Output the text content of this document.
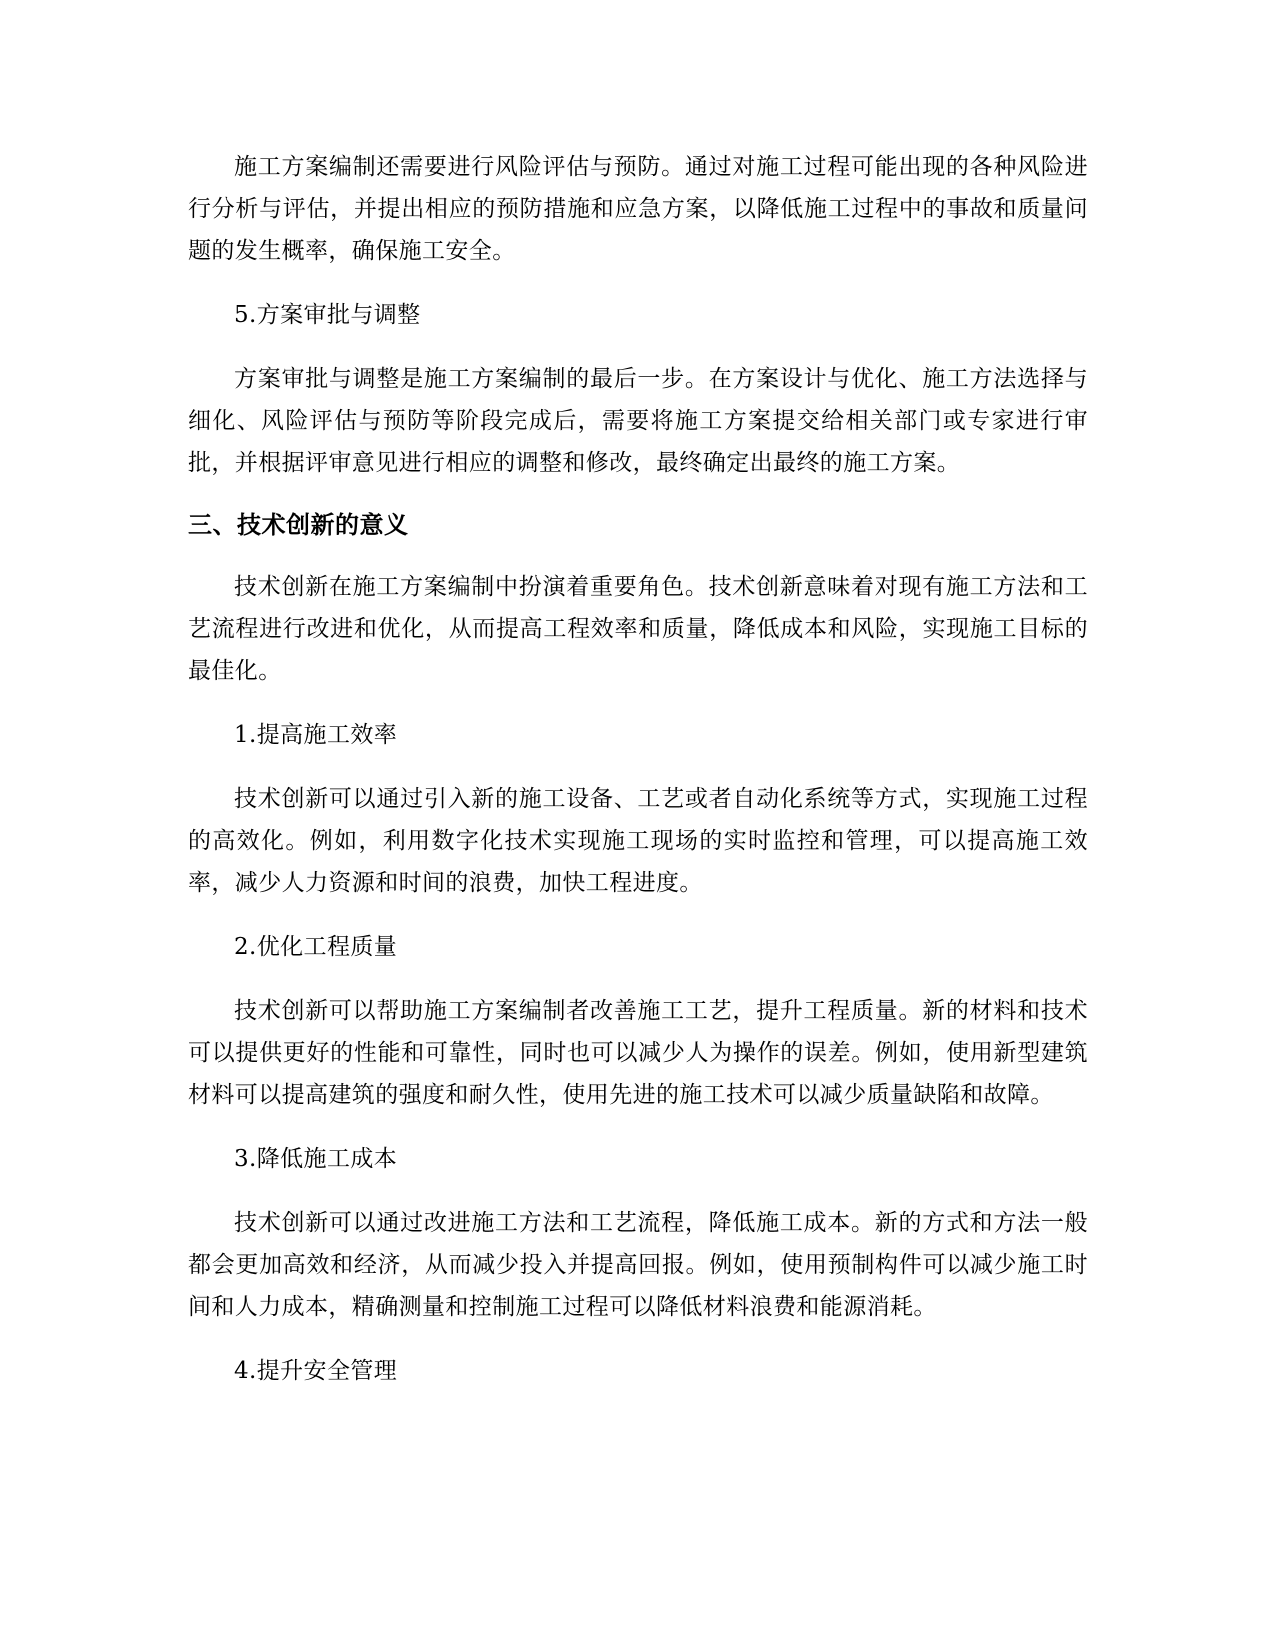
施工方案编制还需要进行风险评估与预防。通过对施工过程可能出现的各种风险进行分析与评估，并提出相应的预防措施和应急方案，以降低施工过程中的事故和质量问题的发生概率，确保施工安全。

5.方案审批与调整

方案审批与调整是施工方案编制的最后一步。在方案设计与优化、施工方法选择与细化、风险评估与预防等阶段完成后，需要将施工方案提交给相关部门或专家进行审批，并根据评审意见进行相应的调整和修改，最终确定出最终的施工方案。

三、技术创新的意义

技术创新在施工方案编制中扮演着重要角色。技术创新意味着对现有施工方法和工艺流程进行改进和优化，从而提高工程效率和质量，降低成本和风险，实现施工目标的最佳化。

1.提高施工效率

技术创新可以通过引入新的施工设备、工艺或者自动化系统等方式，实现施工过程的高效化。例如，利用数字化技术实现施工现场的实时监控和管理，可以提高施工效率，减少人力资源和时间的浪费，加快工程进度。

2.优化工程质量

技术创新可以帮助施工方案编制者改善施工工艺，提升工程质量。新的材料和技术可以提供更好的性能和可靠性，同时也可以减少人为操作的误差。例如，使用新型建筑材料可以提高建筑的强度和耐久性，使用先进的施工技术可以减少质量缺陷和故障。

3.降低施工成本

技术创新可以通过改进施工方法和工艺流程，降低施工成本。新的方式和方法一般都会更加高效和经济，从而减少投入并提高回报。例如，使用预制构件可以减少施工时间和人力成本，精确测量和控制施工过程可以降低材料浪费和能源消耗。

4.提升安全管理
